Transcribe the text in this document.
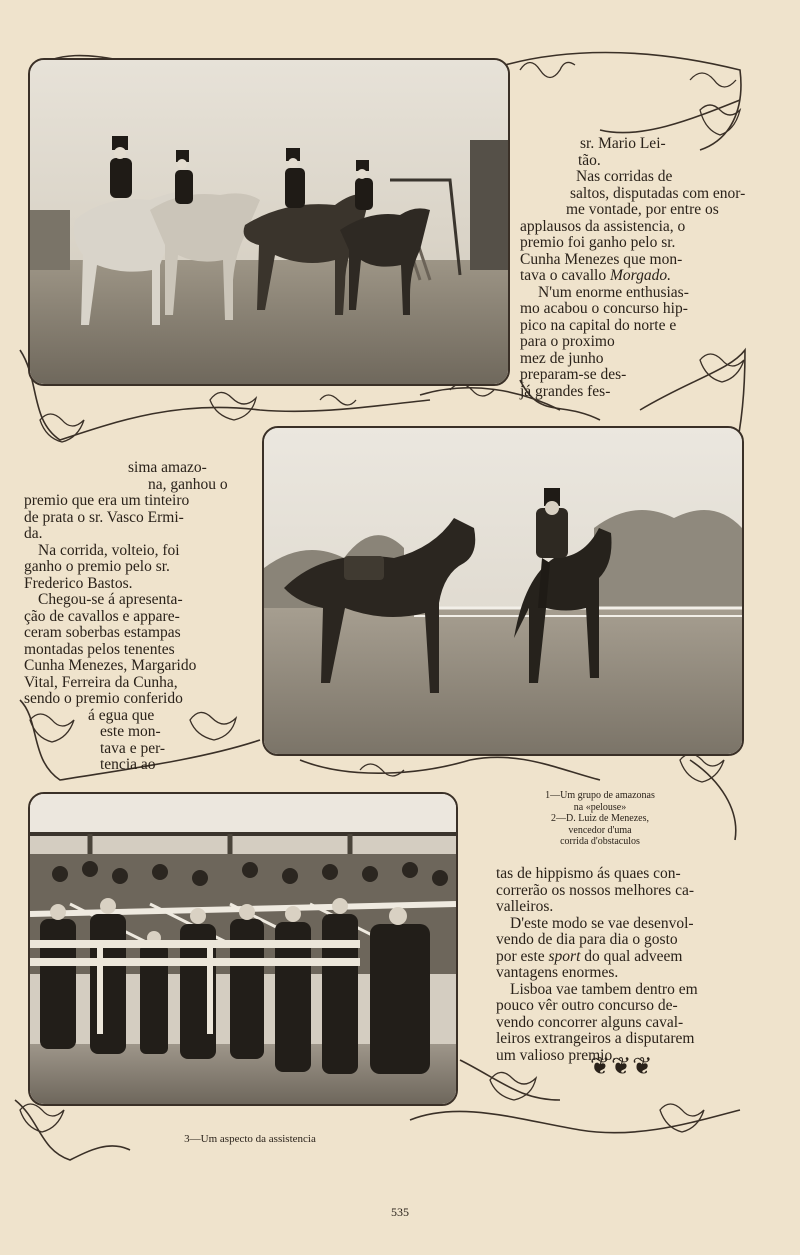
sr. Mario Lei-
tão.
Nas corridas de
saltos, disputadas com enor-
me vontade, por entre os
applausos da assistencia, o
premio foi ganho pelo sr.
Cunha Menezes que mon-
tava o cavallo Morgado.
N'um enorme enthusias-
mo acabou o concurso hip-
pico na capital do norte e
para o proximo
mez de junho
preparam-se des-
já grandes fes-
sima amazo-
na, ganhou o
premio que era um tinteiro
de prata o sr. Vasco Ermi-
da.
Na corrida, volteio, foi
ganho o premio pelo sr.
Frederico Bastos.
Chegou-se á apresenta-
ção de cavallos e appare-
ceram soberbas estampas
montadas pelos tenentes
Cunha Menezes, Margarido
Vital, Ferreira da Cunha,
sendo o premio conferido
á egua que
este mon-
tava e per-
tencia ao
1—Um grupo de amazonas
na «pelouse»
2—D. Luiz de Menezes,
vencedor d'uma
corrida d'obstaculos
tas de hippismo ás quaes con-
correrão os nossos melhores ca-
valleiros.
D'este modo se vae desenvol-
vendo de dia para dia o gosto
por este sport do qual adveem
vantagens enormes.
Lisboa vae tambem dentro em
pouco vêr outro concurso de-
vendo concorrer alguns caval-
leiros extrangeiros a disputarem
um valioso premio.
❦❦❦
3—Um aspecto da assistencia
535
